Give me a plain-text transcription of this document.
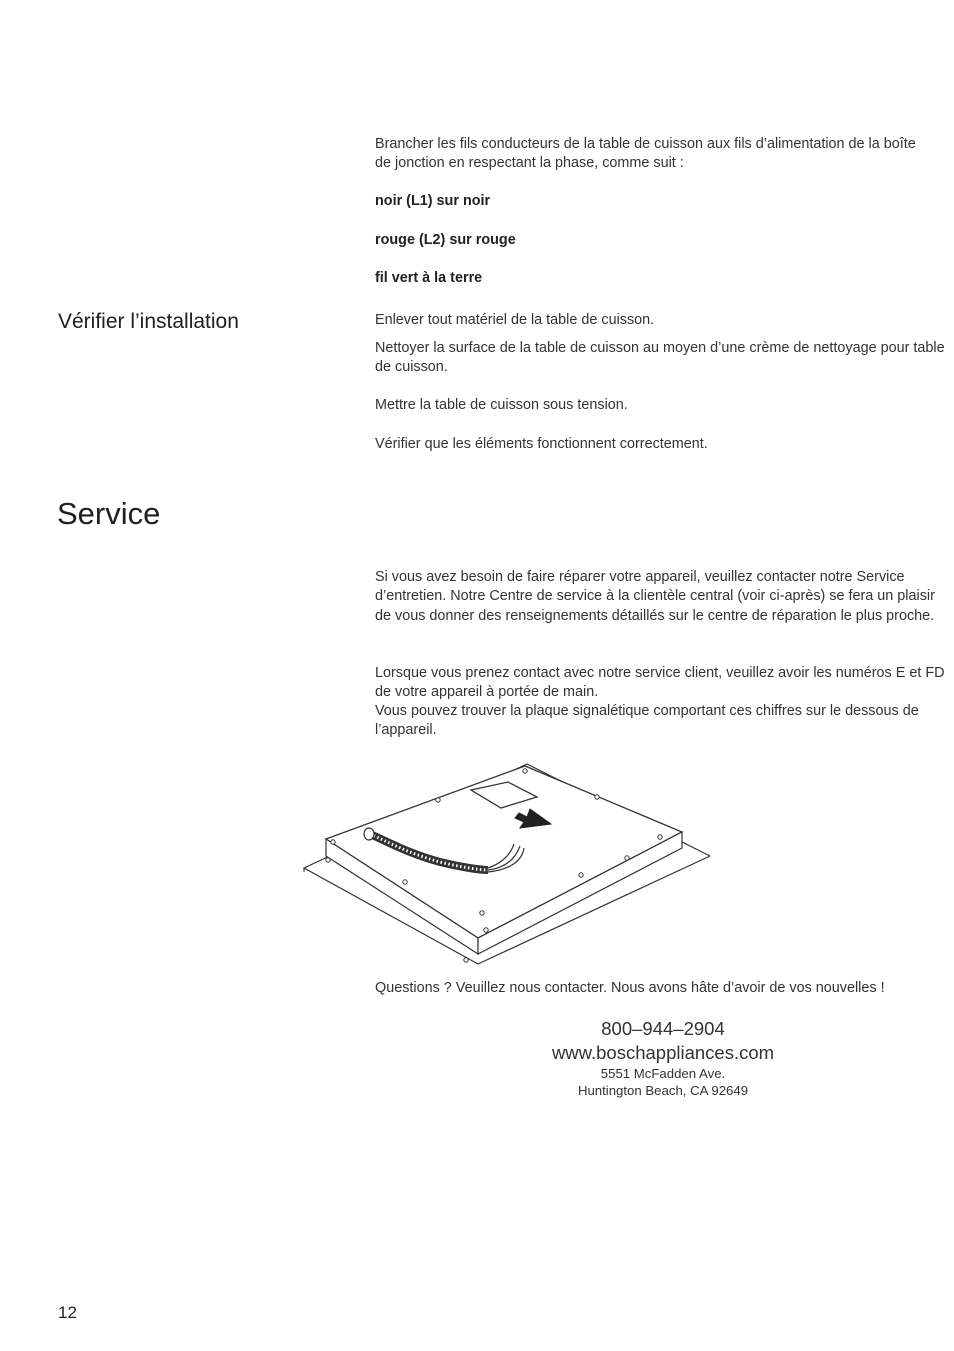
Brancher les fils conducteurs de la table de cuisson aux fils d’alimentation de la boîte de jonction en respectant la phase, comme suit :

noir (L1) sur noir
rouge (L2) sur rouge
fil vert à la terre
Vérifier l’installation	Enlever tout matériel de la table de cuisson.

Nettoyer la surface de la table de cuisson au moyen d’une crème de nettoyage pour table de cuisson.

Mettre la table de cuisson sous tension.

Vérifier que les éléments fonctionnent correctement.

Service

Si vous avez besoin de faire réparer votre appareil, veuillez contacter notre Service d’entretien. Notre Centre de service à la clientèle central (voir ci-après) se fera un plaisir de vous donner des renseignements détaillés sur le centre de réparation le plus proche.

Lorsque vous prenez contact avec notre service client, veuillez avoir les numéros E et FD de votre appareil à portée de main.

Vous pouvez trouver la plaque signalétique comportant ces chiffres sur le dessous de l’appareil.

Questions ? Veuillez nous contacter. Nous avons hâte d’avoir de vos nouvelles !

800–944–2904
www.boschappliances.com
5551 McFadden Ave.
Huntington Beach, CA 92649
12
